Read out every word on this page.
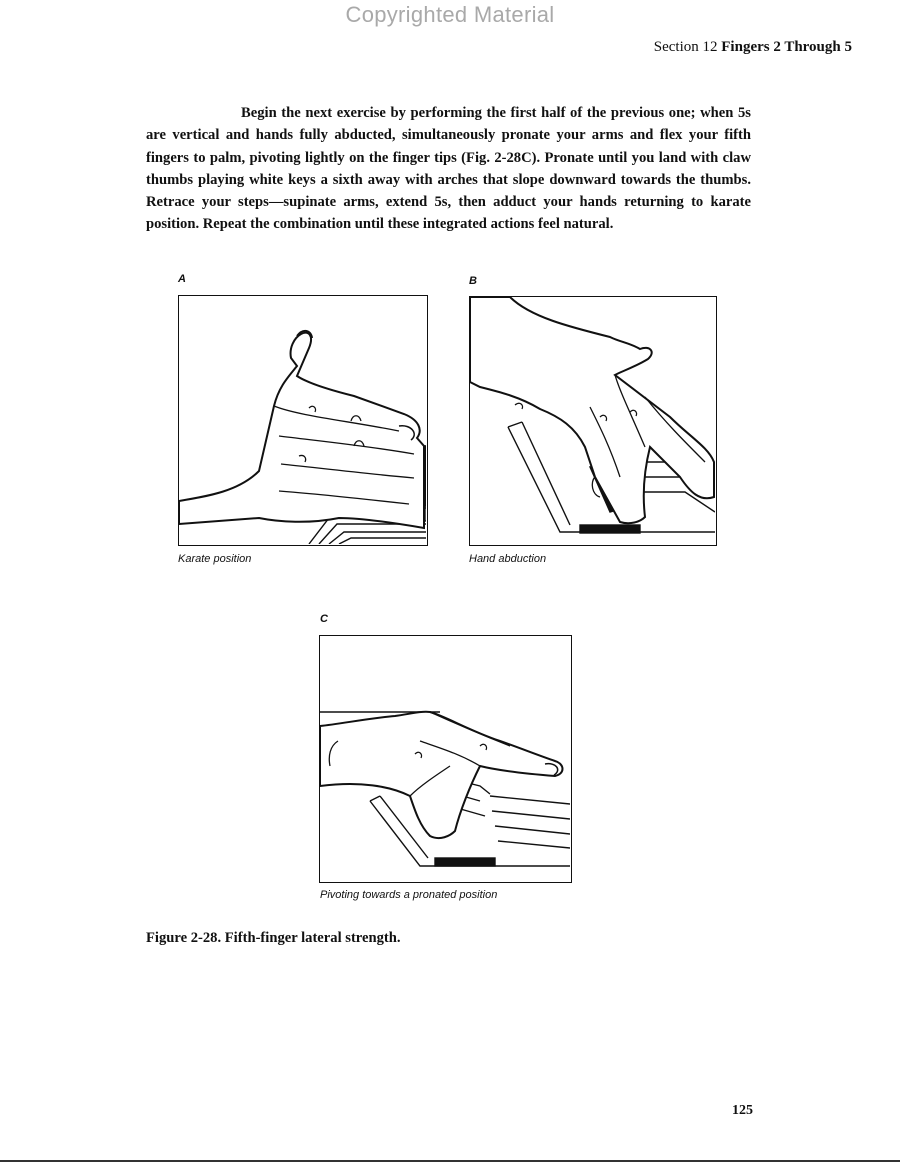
Copyrighted Material
Section 12 Fingers 2 Through 5

Begin the next exercise by performing the first half of the previous one; when 5s are vertical and hands fully abducted, simultaneously pronate your arms and flex your fifth fingers to palm, pivoting lightly on the finger tips (Fig. 2-28C). Pronate until you land with claw thumbs playing white keys a sixth away with arches that slope downward towards the thumbs. Retrace your steps—supinate arms, extend 5s, then adduct your hands returning to karate position. Repeat the combination until these integrated actions feel natural.

A
Karate position
B
Hand abduction
C
Pivoting towards a pronated position
Figure 2-28. Fifth-finger lateral strength.
125
